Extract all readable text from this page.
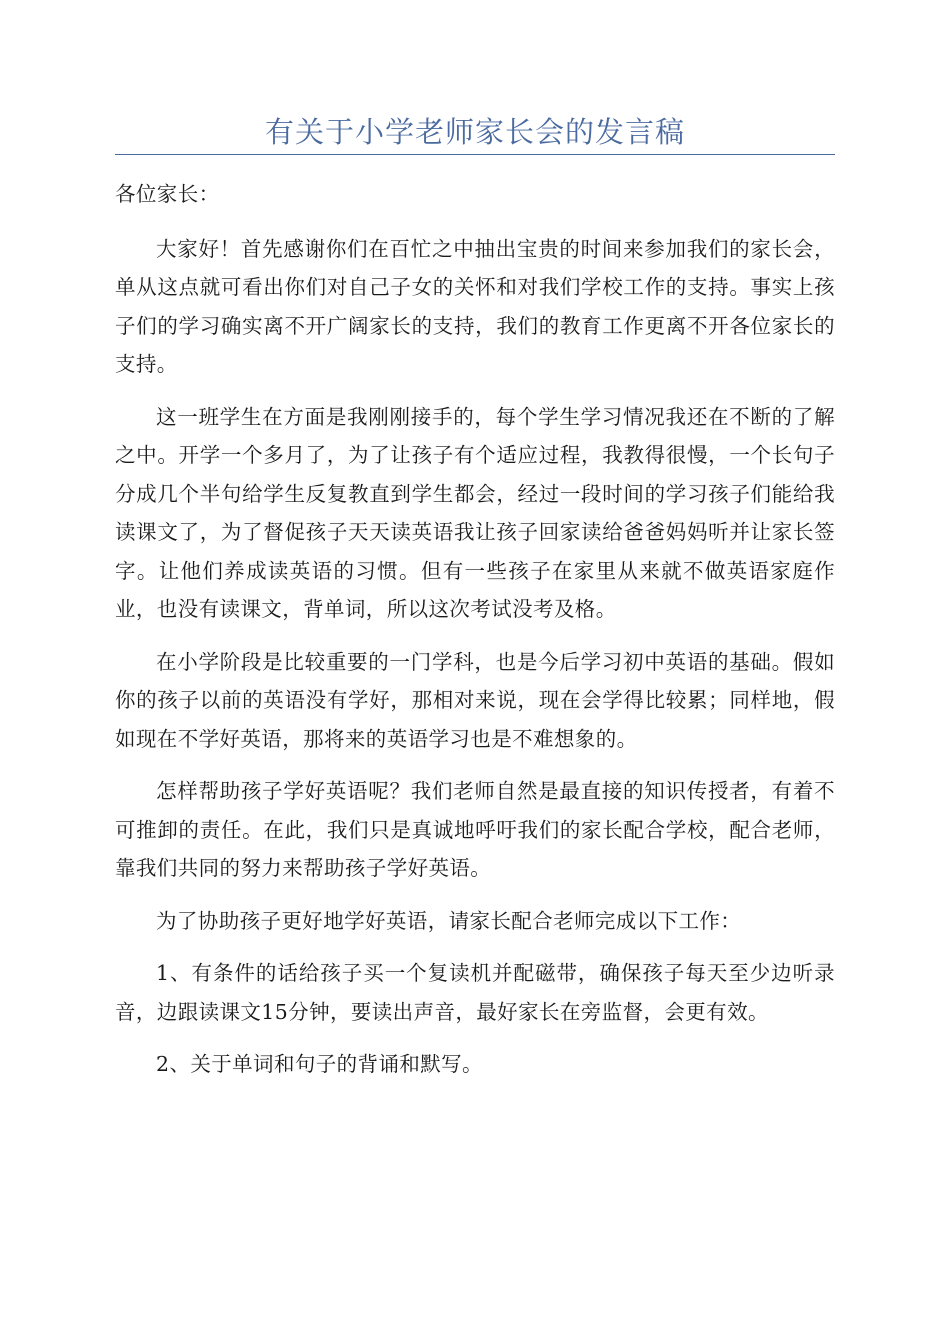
有关于小学老师家长会的发言稿

各位家长：

大家好！首先感谢你们在百忙之中抽出宝贵的时间来参加我们的家长会，单从这点就可看出你们对自己子女的关怀和对我们学校工作的支持。事实上孩子们的学习确实离不开广阔家长的支持，我们的教育工作更离不开各位家长的支持。

这一班学生在方面是我刚刚接手的，每个学生学习情况我还在不断的了解之中。开学一个多月了，为了让孩子有个适应过程，我教得很慢，一个长句子分成几个半句给学生反复教直到学生都会，经过一段时间的学习孩子们能给我读课文了，为了督促孩子天天读英语我让孩子回家读给爸爸妈妈听并让家长签字。让他们养成读英语的习惯。但有一些孩子在家里从来就不做英语家庭作业，也没有读课文，背单词，所以这次考试没考及格。

在小学阶段是比较重要的一门学科，也是今后学习初中英语的基础。假如你的孩子以前的英语没有学好，那相对来说，现在会学得比较累；同样地，假如现在不学好英语，那将来的英语学习也是不难想象的。

怎样帮助孩子学好英语呢？我们老师自然是最直接的知识传授者，有着不可推卸的责任。在此，我们只是真诚地呼吁我们的家长配合学校，配合老师，靠我们共同的努力来帮助孩子学好英语。

为了协助孩子更好地学好英语，请家长配合老师完成以下工作：

1、有条件的话给孩子买一个复读机并配磁带，确保孩子每天至少边听录音，边跟读课文15分钟，要读出声音，最好家长在旁监督，会更有效。

2、关于单词和句子的背诵和默写。
